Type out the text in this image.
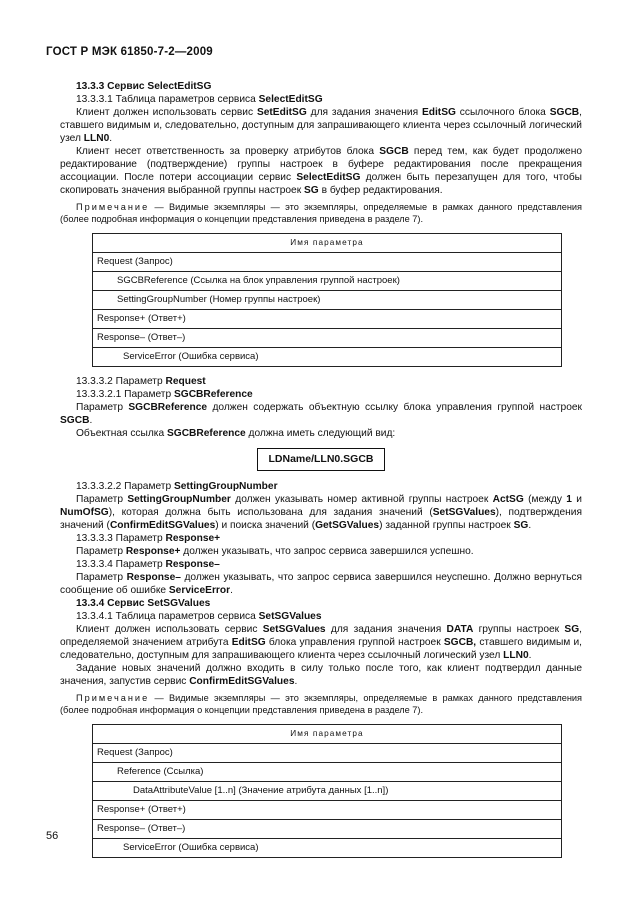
ГОСТ Р МЭК 61850-7-2—2009

13.3.3 Сервис SelectEditSG

13.3.3.1 Таблица параметров сервиса SelectEditSG

Клиент должен использовать сервис SetEditSG для задания значения EditSG ссылочного блока SGCB, ставшего видимым и, следовательно, доступным для запрашивающего клиента через ссылочный логический узел LLN0.

Клиент несет ответственность за проверку атрибутов блока SGCB перед тем, как будет продолжено редактирование (подтверждение) группы настроек в буфере редактирования после прекращения ассоциации. После потери ассоциации сервис SelectEditSG должен быть перезапущен для того, чтобы скопировать значения выбранной группы настроек SG в буфер редактирования.

Примечание — Видимые экземпляры — это экземпляры, определяемые в рамках данного представления (более подробная информация о концепции представления приведена в разделе 7).

Имя параметра
Request (Запрос)
SGCBReference (Ссылка на блок управления группой настроек)
SettingGroupNumber (Номер группы настроек)
Response+ (Ответ+)
Response– (Ответ–)
ServiceError (Ошибка сервиса)

13.3.3.2 Параметр Request

13.3.3.2.1 Параметр SGCBReference

Параметр SGCBReference должен содержать объектную ссылку блока управления группой настроек SGCB.

Объектная ссылка SGCBReference должна иметь следующий вид:

LDName/LLN0.SGCB

13.3.3.2.2 Параметр SettingGroupNumber

Параметр SettingGroupNumber должен указывать номер активной группы настроек ActSG (между 1 и NumOfSG), которая должна быть использована для задания значений (SetSGValues), подтверждения значений (ConfirmEditSGValues) и поиска значений (GetSGValues) заданной группы настроек SG.

13.3.3.3 Параметр Response+

Параметр Response+ должен указывать, что запрос сервиса завершился успешно.

13.3.3.4 Параметр Response–

Параметр Response– должен указывать, что запрос сервиса завершился неуспешно. Должно вернуться сообщение об ошибке ServiceError.

13.3.4 Сервис SetSGValues

13.3.4.1 Таблица параметров сервиса SetSGValues

Клиент должен использовать сервис SetSGValues для задания значения DATA группы настроек SG, определяемой значением атрибута EditSG блока управления группой настроек SGCB, ставшего видимым и, следовательно, доступным для запрашивающего клиента через ссылочный логический узел LLN0.

Задание новых значений должно входить в силу только после того, как клиент подтвердил данные значения, запустив сервис ConfirmEditSGValues.

Примечание — Видимые экземпляры — это экземпляры, определяемые в рамках данного представления (более подробная информация о концепции представления приведена в разделе 7).

Имя параметра
Request (Запрос)
Reference (Ссылка)
DataAttributeValue [1..n] (Значение атрибута данных [1..n])
Response+ (Ответ+)
Response– (Ответ–)
ServiceError (Ошибка сервиса)
56
